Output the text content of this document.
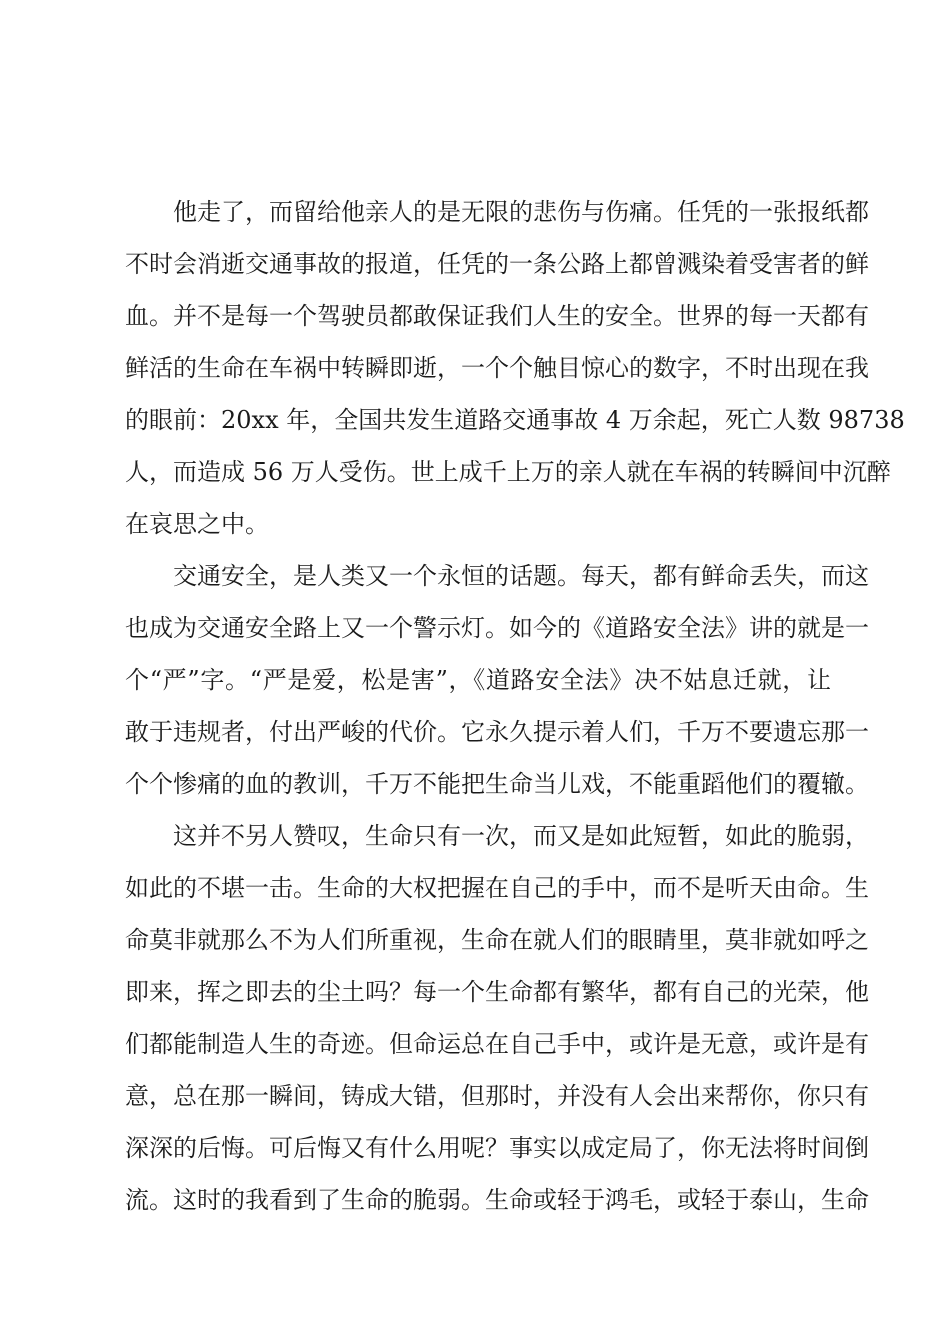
他走了，而留给他亲人的是无限的悲伤与伤痛。任凭的一张报纸都
不时会消逝交通事故的报道，任凭的一条公路上都曾溅染着受害者的鲜
血。并不是每一个驾驶员都敢保证我们人生的安全。世界的每一天都有
鲜活的生命在车祸中转瞬即逝，一个个触目惊心的数字，不时出现在我
的眼前：20xx 年，全国共发生道路交通事故 4 万余起，死亡人数 98738
人，而造成 56 万人受伤。世上成千上万的亲人就在车祸的转瞬间中沉醉
在哀思之中。
交通安全，是人类又一个永恒的话题。每天，都有鲜命丢失，而这
也成为交通安全路上又一个警示灯。如今的《道路安全法》讲的就是一
个“严”字。“严是爱，松是害”，《道路安全法》决不姑息迁就，让
敢于违规者，付出严峻的代价。它永久提示着人们，千万不要遗忘那一
个个惨痛的血的教训，千万不能把生命当儿戏，不能重蹈他们的覆辙。
这并不另人赞叹，生命只有一次，而又是如此短暂，如此的脆弱，
如此的不堪一击。生命的大权把握在自己的手中，而不是听天由命。生
命莫非就那么不为人们所重视，生命在就人们的眼睛里，莫非就如呼之
即来，挥之即去的尘土吗？每一个生命都有繁华，都有自己的光荣，他
们都能制造人生的奇迹。但命运总在自己手中，或许是无意，或许是有
意，总在那一瞬间，铸成大错，但那时，并没有人会出来帮你，你只有
深深的后悔。可后悔又有什么用呢？事实以成定局了，你无法将时间倒
流。这时的我看到了生命的脆弱。生命或轻于鸿毛，或轻于泰山，生命
